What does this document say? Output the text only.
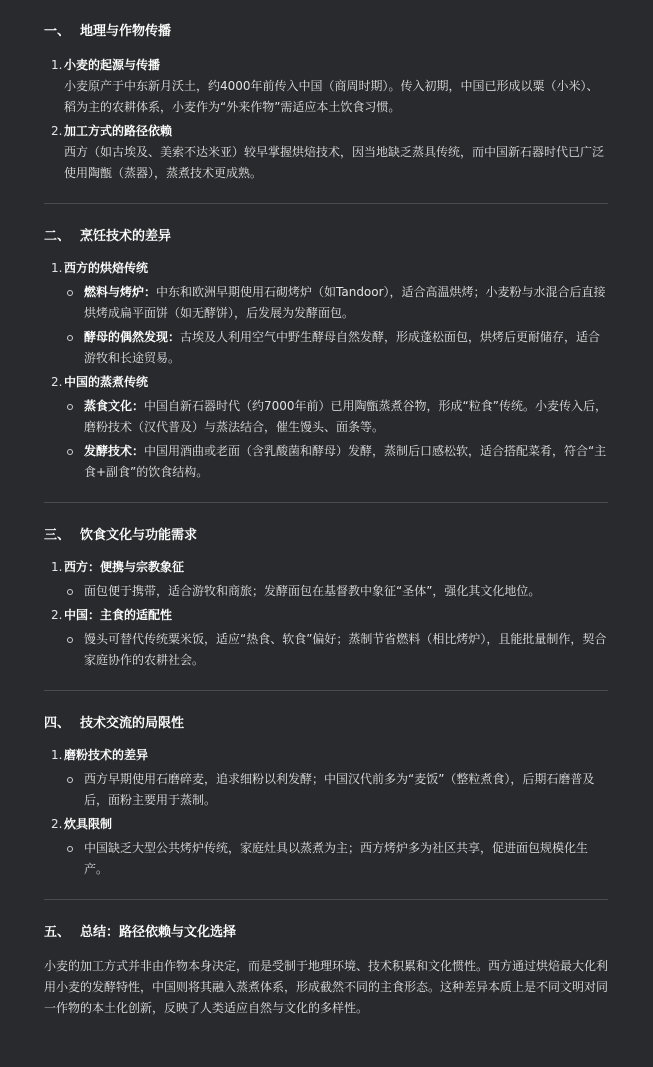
一、 地理与作物传播
1. 小麦的起源与传播
小麦原产于中东新月沃土，约4000年前传入中国（商周时期）。传入初期，中国已形成以粟（小米）、稻为主的农耕体系，小麦作为“外来作物”需适应本土饮食习惯。
2. 加工方式的路径依赖
西方（如古埃及、美索不达米亚）较早掌握烘焙技术，因当地缺乏蒸具传统，而中国新石器时代已广泛使用陶甑（蒸器），蒸煮技术更成熟。
二、 烹饪技术的差异
1. 西方的烘焙传统
燃料与烤炉：中东和欧洲早期使用石砌烤炉（如Tandoor），适合高温烘烤；小麦粉与水混合后直接烘烤成扁平面饼（如无酵饼），后发展为发酵面包。
酵母的偶然发现：古埃及人利用空气中野生酵母自然发酵，形成蓬松面包，烘烤后更耐储存，适合游牧和长途贸易。
2. 中国的蒸煮传统
蒸食文化：中国自新石器时代（约7000年前）已用陶甑蒸煮谷物，形成“粒食”传统。小麦传入后，磨粉技术（汉代普及）与蒸法结合，催生馒头、面条等。
发酵技术：中国用酒曲或老面（含乳酸菌和酵母）发酵，蒸制后口感松软，适合搭配菜肴，符合“主食+副食”的饮食结构。
三、 饮食文化与功能需求
1. 西方：便携与宗教象征
面包便于携带，适合游牧和商旅；发酵面包在基督教中象征“圣体”，强化其文化地位。
2. 中国：主食的适配性
馒头可替代传统粟米饭，适应“热食、软食”偏好；蒸制节省燃料（相比烤炉），且能批量制作，契合家庭协作的农耕社会。
四、 技术交流的局限性
1. 磨粉技术的差异
西方早期使用石磨碎麦，追求细粉以利发酵；中国汉代前多为“麦饭”（整粒煮食），后期石磨普及后，面粉主要用于蒸制。
2. 炊具限制
中国缺乏大型公共烤炉传统，家庭灶具以蒸煮为主；西方烤炉多为社区共享，促进面包规模化生产。
五、 总结：路径依赖与文化选择

小麦的加工方式并非由作物本身决定，而是受制于地理环境、技术积累和文化惯性。西方通过烘焙最大化利用小麦的发酵特性，中国则将其融入蒸煮体系，形成截然不同的主食形态。这种差异本质上是不同文明对同一作物的本土化创新，反映了人类适应自然与文化的多样性。
